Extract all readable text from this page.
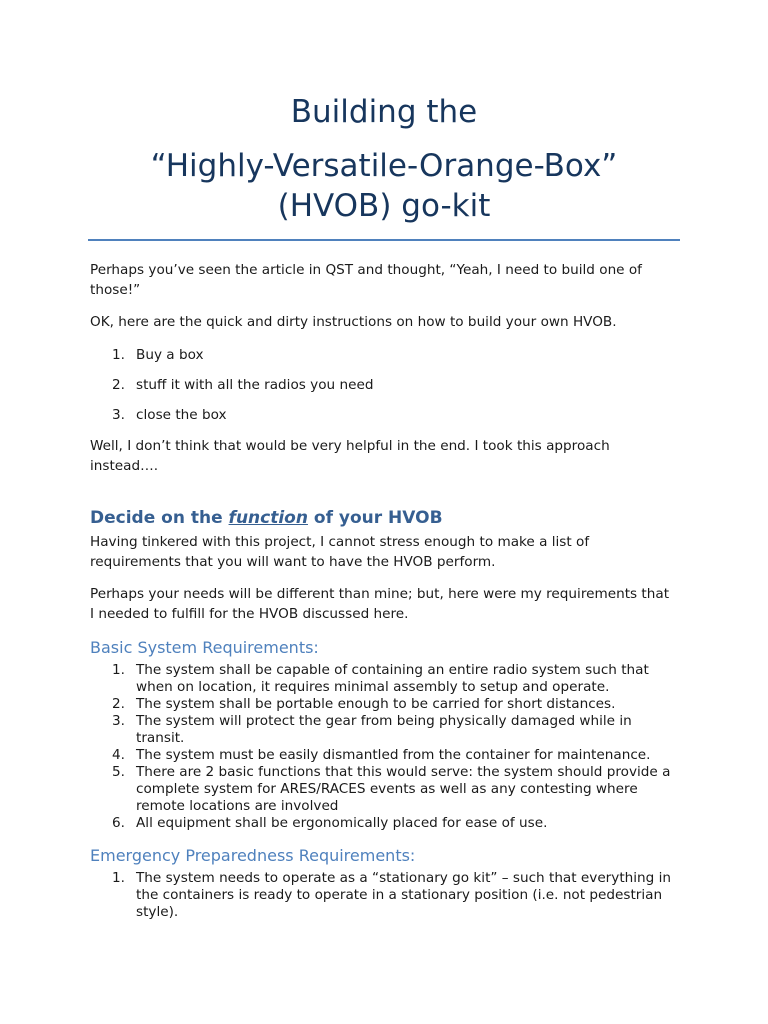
Building the

“Highly-Versatile-Orange-Box”

(HVOB) go-kit

Perhaps you’ve seen the article in QST and thought, “Yeah, I need to build one of those!”

OK, here are the quick and dirty instructions on how to build your own HVOB.

1. Buy a box
2. stuff it with all the radios you need
3. close the box

Well, I don’t think that would be very helpful in the end. I took this approach instead….

Decide on the function of your HVOB

Having tinkered with this project, I cannot stress enough to make a list of requirements that you will want to have the HVOB perform.

Perhaps your needs will be different than mine; but, here were my requirements that I needed to fulfill for the HVOB discussed here.

Basic System Requirements:
1. The system shall be capable of containing an entire radio system such that when on location, it requires minimal assembly to setup and operate.
2. The system shall be portable enough to be carried for short distances.
3. The system will protect the gear from being physically damaged while in transit.
4. The system must be easily dismantled from the container for maintenance.
5. There are 2 basic functions that this would serve: the system should provide a complete system for ARES/RACES events as well as any contesting where remote locations are involved
6. All equipment shall be ergonomically placed for ease of use.
Emergency Preparedness Requirements:
1. The system needs to operate as a “stationary go kit” – such that everything in the containers is ready to operate in a stationary position (i.e. not pedestrian style).
